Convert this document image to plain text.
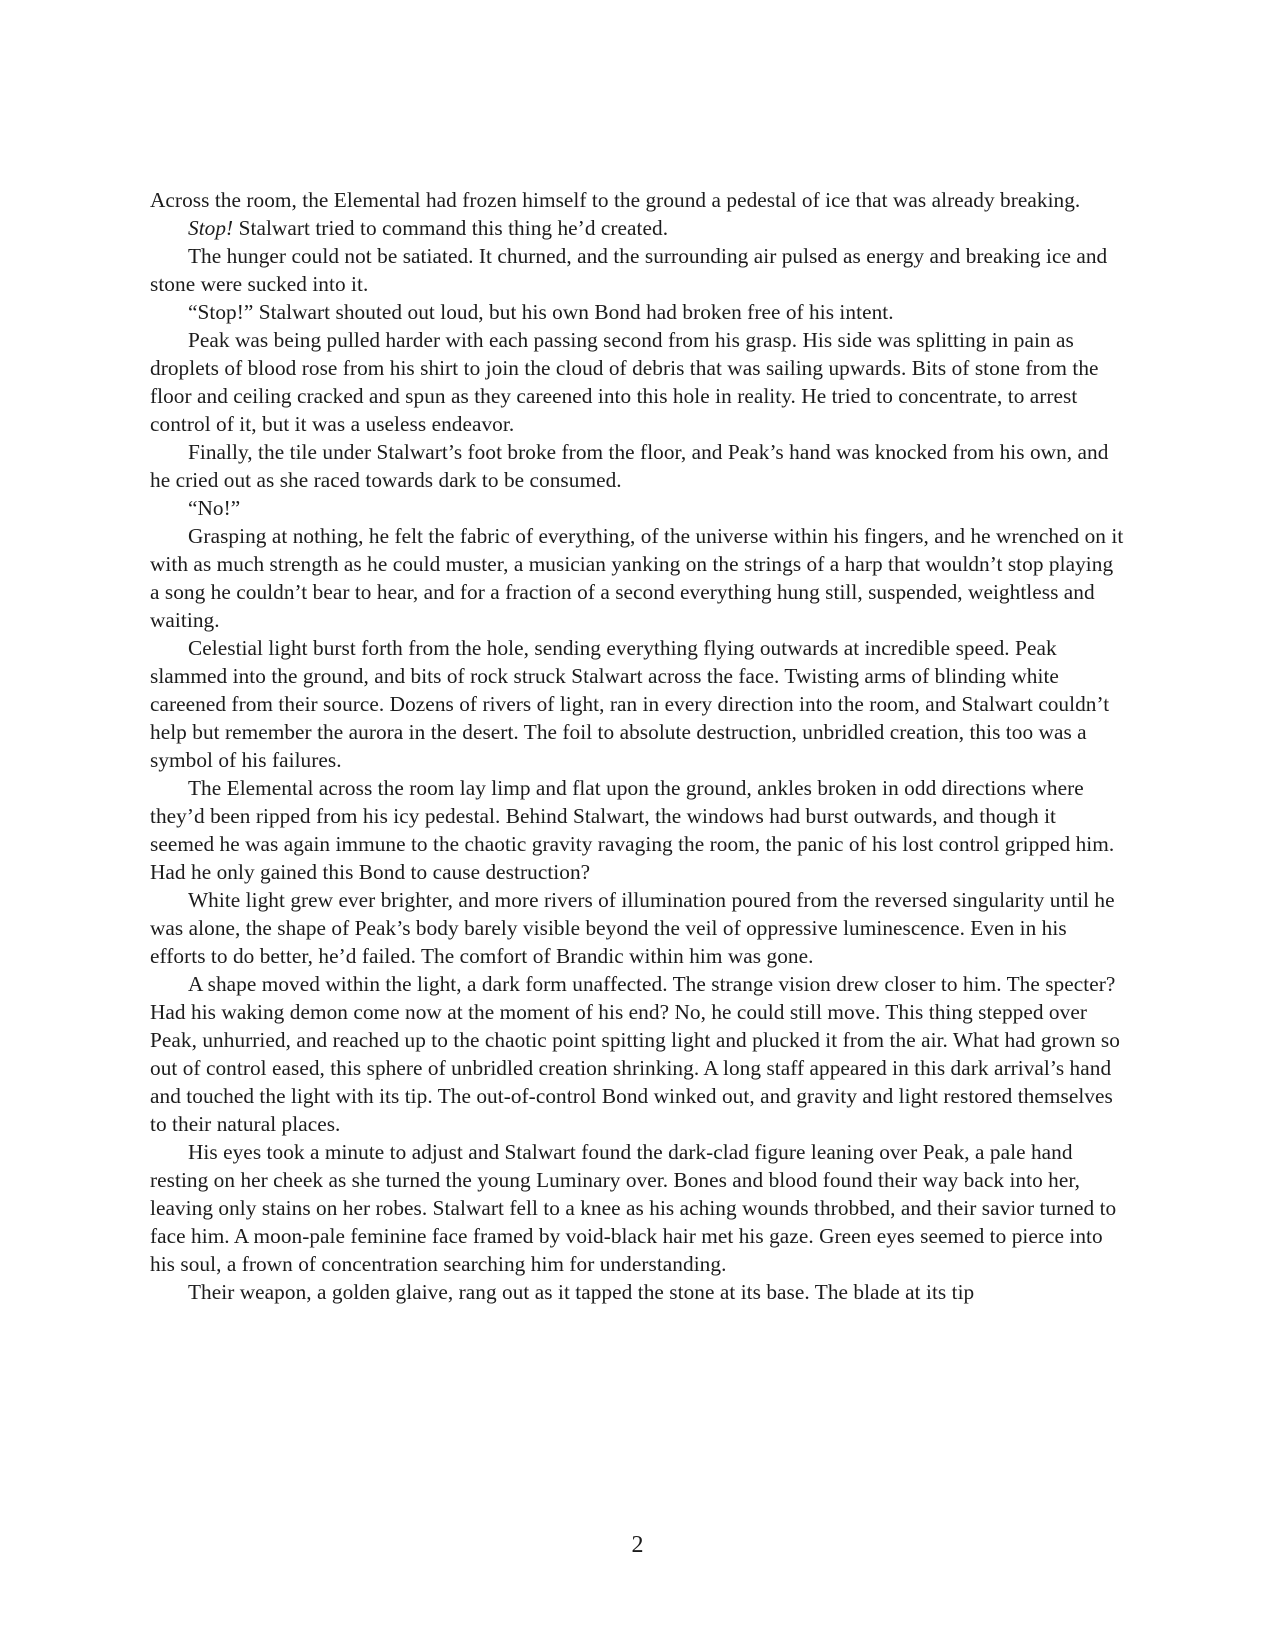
Across the room, the Elemental had frozen himself to the ground a pedestal of ice that was already breaking.

Stop! Stalwart tried to command this thing he’d created.

The hunger could not be satiated. It churned, and the surrounding air pulsed as energy and breaking ice and stone were sucked into it.

“Stop!” Stalwart shouted out loud, but his own Bond had broken free of his intent.

Peak was being pulled harder with each passing second from his grasp. His side was splitting in pain as droplets of blood rose from his shirt to join the cloud of debris that was sailing upwards. Bits of stone from the floor and ceiling cracked and spun as they careened into this hole in reality. He tried to concentrate, to arrest control of it, but it was a useless endeavor.

Finally, the tile under Stalwart’s foot broke from the floor, and Peak’s hand was knocked from his own, and he cried out as she raced towards dark to be consumed.

“No!”

Grasping at nothing, he felt the fabric of everything, of the universe within his fingers, and he wrenched on it with as much strength as he could muster, a musician yanking on the strings of a harp that wouldn’t stop playing a song he couldn’t bear to hear, and for a fraction of a second everything hung still, suspended, weightless and waiting.

Celestial light burst forth from the hole, sending everything flying outwards at incredible speed. Peak slammed into the ground, and bits of rock struck Stalwart across the face. Twisting arms of blinding white careened from their source. Dozens of rivers of light, ran in every direction into the room, and Stalwart couldn’t help but remember the aurora in the desert. The foil to absolute destruction, unbridled creation, this too was a symbol of his failures.

The Elemental across the room lay limp and flat upon the ground, ankles broken in odd directions where they’d been ripped from his icy pedestal. Behind Stalwart, the windows had burst outwards, and though it seemed he was again immune to the chaotic gravity ravaging the room, the panic of his lost control gripped him. Had he only gained this Bond to cause destruction?

White light grew ever brighter, and more rivers of illumination poured from the reversed singularity until he was alone, the shape of Peak’s body barely visible beyond the veil of oppressive luminescence. Even in his efforts to do better, he’d failed. The comfort of Brandic within him was gone.

A shape moved within the light, a dark form unaffected. The strange vision drew closer to him. The specter? Had his waking demon come now at the moment of his end? No, he could still move. This thing stepped over Peak, unhurried, and reached up to the chaotic point spitting light and plucked it from the air. What had grown so out of control eased, this sphere of unbridled creation shrinking. A long staff appeared in this dark arrival’s hand and touched the light with its tip. The out-of-control Bond winked out, and gravity and light restored themselves to their natural places.

His eyes took a minute to adjust and Stalwart found the dark-clad figure leaning over Peak, a pale hand resting on her cheek as she turned the young Luminary over. Bones and blood found their way back into her, leaving only stains on her robes. Stalwart fell to a knee as his aching wounds throbbed, and their savior turned to face him. A moon-pale feminine face framed by void-black hair met his gaze. Green eyes seemed to pierce into his soul, a frown of concentration searching him for understanding.

Their weapon, a golden glaive, rang out as it tapped the stone at its base. The blade at its tip

2
